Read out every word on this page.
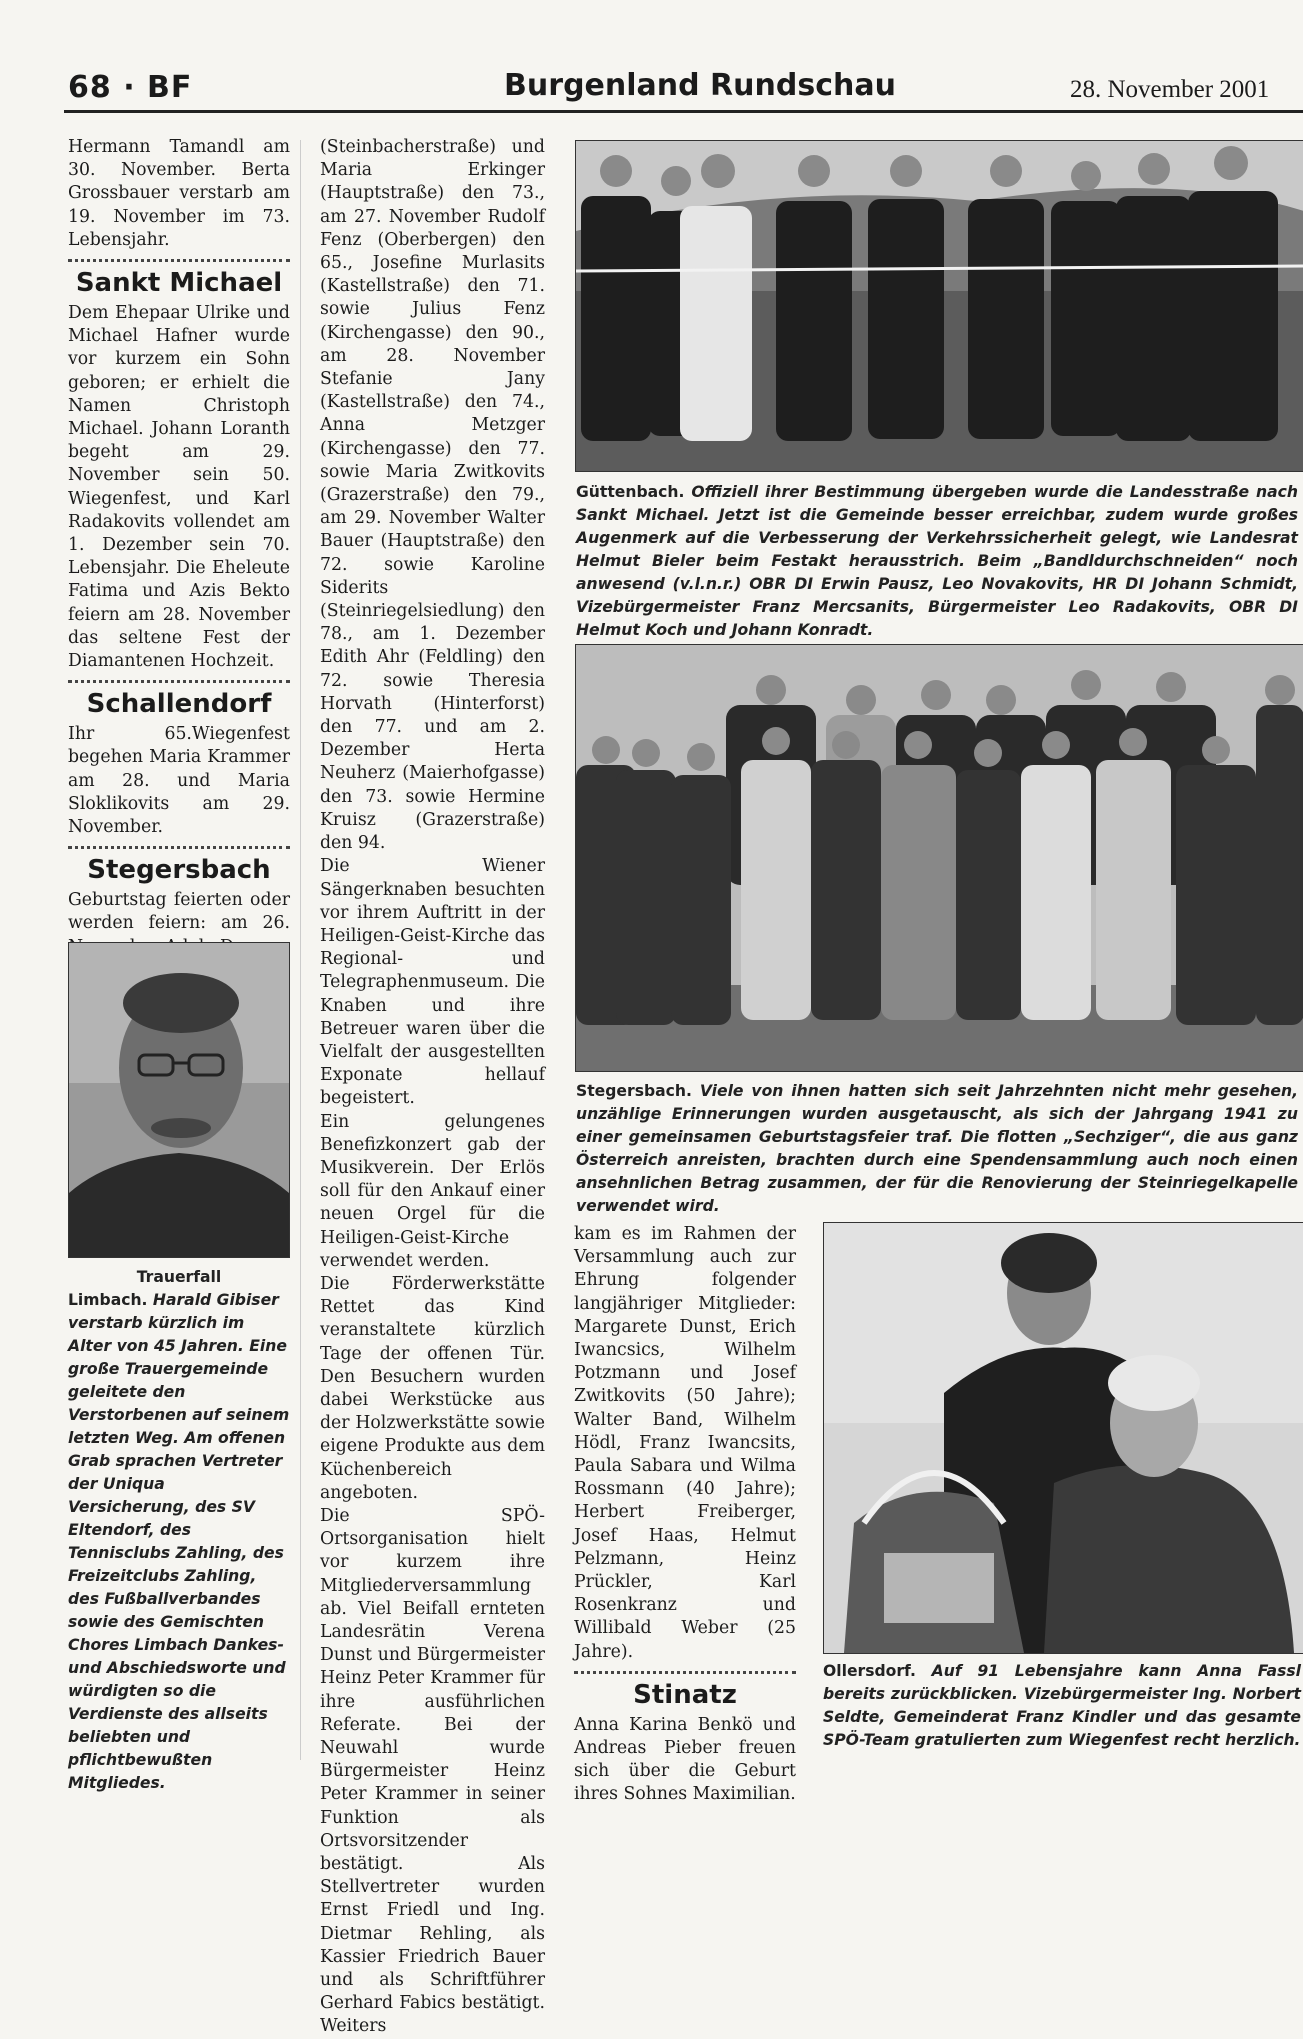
68 · BF	Burgenland Rundschau	28. November 2001

Hermann Tamandl am 30. November. Berta Grossbauer verstarb am 19. November im 73. Lebensjahr.

Sankt Michael

Dem Ehepaar Ulrike und Michael Hafner wurde vor kurzem ein Sohn geboren; er erhielt die Namen Christoph Michael. Johann Loranth begeht am 29. November sein 50. Wiegenfest, und Karl Radakovits vollendet am 1. Dezember sein 70. Lebensjahr. Die Eheleute Fatima und Azis Bekto feiern am 28. November das seltene Fest der Diamantenen Hochzeit.

Schallendorf

Ihr 65.Wiegenfest begehen Maria Krammer am 28. und Maria Sloklikovits am 29. November.

Stegersbach

Geburtstag feierten oder werden feiern: am 26.

Trauerfall
Limbach. Harald Gibiser verstarb kürzlich im Alter von 45 Jahren. Eine große Trauergemeinde geleitete den Verstorbenen auf seinem letzten Weg. Am offenen Grab sprachen Vertreter der Uniqua Versicherung, des SV Eltendorf, des Tennisclubs Zahling, des Freizeitclubs Zahling, des Fußballverbandes sowie des Gemischten Chores Limbach Dankes- und Abschiedsworte und würdigten so die Verdienste des allseits beliebten und pflichtbewußten Mitgliedes.

(Steinbacherstraße) und Maria Erkinger (Hauptstraße) den 73., am 27. November Rudolf Fenz (Oberbergen) den 65., Josefine Murlasits (Kastellstraße) den 71. sowie Julius Fenz (Kirchengasse) den 90., am 28. November Stefanie Jany (Kastellstraße) den 74., Anna Metzger (Kirchengasse) den 77. sowie Maria Zwitkovits (Grazerstraße) den 79., am 29. November Walter Bauer (Hauptstraße) den 72. sowie Karoline Siderits (Steinriegelsiedlung) den 78., am 1. Dezember Edith Ahr (Feldling) den 72. sowie Theresia Horvath (Hinterforst) den 77. und am 2. Dezember Herta Neuherz (Maierhofgasse) den 73. sowie Hermine Kruisz (Grazerstraße) den 94.

Die Wiener Sängerknaben besuchten vor ihrem Auftritt in der Heiligen-Geist-Kirche das Regional- und Telegraphenmuseum. Die Knaben und ihre Betreuer waren über die Vielfalt der ausgestellten Exponate hellauf begeistert.

Ein gelungenes Benefizkonzert gab der Musikverein. Der Erlös soll für den Ankauf einer neuen Orgel für die Heiligen-Geist-Kirche verwendet werden.

Die Förderwerkstätte Rettet das Kind veranstaltete kürzlich Tage der offenen Tür. Den Besuchern wurden dabei Werkstücke aus der Holzwerkstätte sowie eigene Produkte aus dem Küchenbereich angeboten.

Die SPÖ-Ortsorganisation hielt vor kurzem ihre Mitgliederversammlung ab. Viel Beifall ernteten Landesrätin Verena Dunst und Bürgermeister Heinz Peter Krammer für ihre ausführlichen Referate. Bei der Neuwahl wurde Bürgermeister Heinz Peter Krammer in seiner Funktion als Ortsvorsitzender bestätigt. Als Stellvertreter wurden Ernst Friedl und Ing. Dietmar Rehling, als Kassier Friedrich Bauer und als Schriftführer Gerhard Fabics bestätigt. Weiters

Güttenbach. Offiziell ihrer Bestimmung übergeben wurde die Landesstraße nach Sankt Michael. Jetzt ist die Gemeinde besser erreichbar, zudem wurde großes Augenmerk auf die Verbesserung der Verkehrssicherheit gelegt, wie Landesrat Helmut Bieler beim Festakt herausstrich. Beim „Bandldurchschneiden“ noch anwesend (v.l.n.r.) OBR DI Erwin Pausz, Leo Novakovits, HR DI Johann Schmidt, Vizebürgermeister Franz Mercsanits, Bürgermeister Leo Radakovits, OBR DI Helmut Koch und Johann Konradt.
Stegersbach. Viele von ihnen hatten sich seit Jahrzehnten nicht mehr gesehen, unzählige Erinnerungen wurden ausgetauscht, als sich der Jahrgang 1941 zu einer gemeinsamen Geburtstagsfeier traf. Die flotten „Sechziger“, die aus ganz Österreich anreisten, brachten durch eine Spendensammlung auch noch einen ansehnlichen Betrag zusammen, der für die Renovierung der Steinriegelkapelle verwendet wird.

kam es im Rahmen der Versammlung auch zur Ehrung folgender langjähriger Mitglieder: Margarete Dunst, Erich Iwancsics, Wilhelm Potzmann und Josef Zwitkovits (50 Jahre); Walter Band, Wilhelm Hödl, Franz Iwancsits, Paula Sabara und Wilma Rossmann (40 Jahre); Herbert Freiberger, Josef Haas, Helmut Pelzmann, Heinz Prückler, Karl Rosenkranz und Willibald Weber (25 Jahre).

Stinatz

Anna Karina Benkö und Andreas Pieber freuen sich über die Geburt ihres Sohnes Maximilian.

Ollersdorf. Auf 91 Lebensjahre kann Anna Fassl bereits zurückblicken. Vizebürgermeister Ing. Norbert Seldte, Gemeinderat Franz Kindler und das gesamte SPÖ-Team gratulierten zum Wiegenfest recht herzlich.
